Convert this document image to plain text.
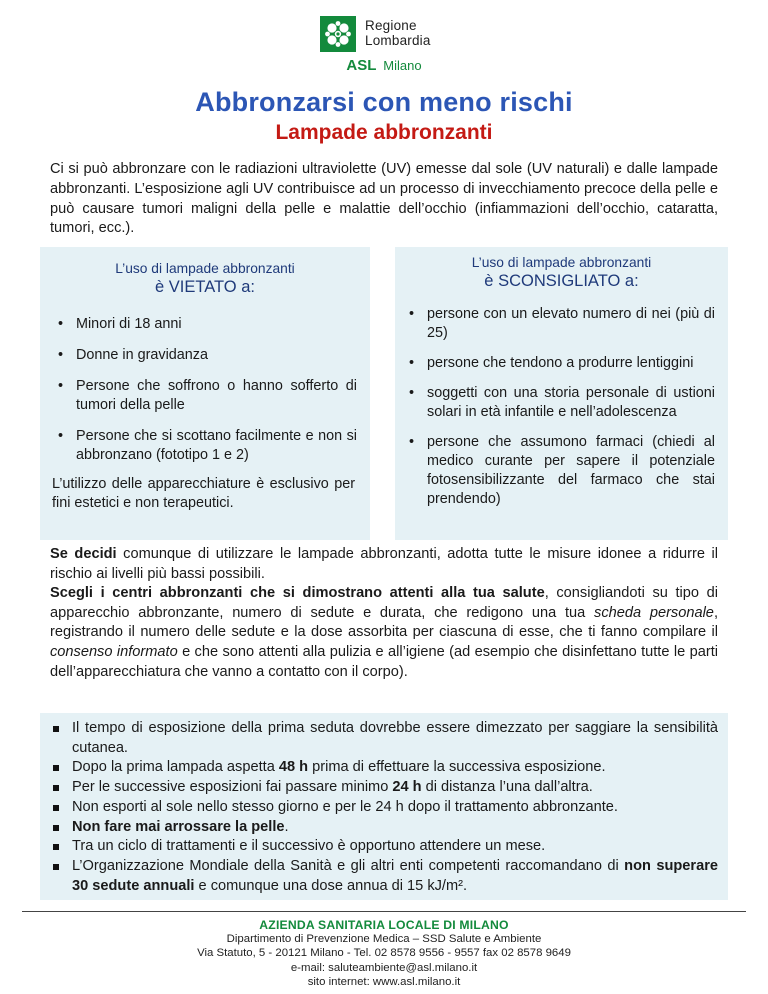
Regione
Lombardia
ASL Milano
Abbronzarsi con meno rischi
Lampade abbronzanti
Ci si può abbronzare con le radiazioni ultraviolette (UV) emesse dal sole (UV naturali) e dalle lampade abbronzanti. L’esposizione agli UV contribuisce ad un processo di invecchiamento precoce della pelle e può causare tumori maligni della pelle e malattie dell’occhio (infiammazioni dell’occhio, cataratta, tumori, ecc.).
L’uso di lampade abbronzanti
è VIETATO a:
• Minori di 18 anni
• Donne in gravidanza
• Persone che soffrono o hanno sofferto di tumori della pelle
• Persone che si scottano facilmente e non si abbronzano (fototipo 1 e 2)
L’utilizzo delle apparecchiature è esclusivo per fini estetici e non terapeutici.
L’uso di lampade abbronzanti
è SCONSIGLIATO a:
• persone con un elevato numero di nei (più di 25)
• persone che tendono a produrre lentiggini
• soggetti con una storia personale di ustioni solari in età infantile e nell’adolescenza
• persone che assumono farmaci (chiedi al medico curante per sapere il potenziale fotosensibilizzante del farmaco che stai prendendo)
Se decidi comunque di utilizzare le lampade abbronzanti, adotta tutte le misure idonee a ridurre il rischio ai livelli più bassi possibili.
Scegli i centri abbronzanti che si dimostrano attenti alla tua salute, consigliandoti su tipo di apparecchio abbronzante, numero di sedute e durata, che redigono una tua scheda personale, registrando il numero delle sedute e la dose assorbita per ciascuna di esse, che ti fanno compilare il consenso informato e che sono attenti alla pulizia e all’igiene (ad esempio che disinfettano tutte le parti dell’apparecchiatura che vanno a contatto con il corpo).
Il tempo di esposizione della prima seduta dovrebbe essere dimezzato per saggiare la sensibilità cutanea.
Dopo la prima lampada aspetta 48 h prima di effettuare la successiva esposizione.
Per le successive esposizioni fai passare minimo 24 h di distanza l’una dall’altra.
Non esporti al sole nello stesso giorno e per le 24 h dopo il trattamento abbronzante.
Non fare mai arrossare la pelle.
Tra un ciclo di trattamenti e il successivo è opportuno attendere un mese.
L’Organizzazione Mondiale della Sanità e gli altri enti competenti raccomandano di non superare 30 sedute annuali e comunque una dose annua di 15 kJ/m².
AZIENDA SANITARIA LOCALE DI MILANO
Dipartimento di Prevenzione Medica – SSD Salute e Ambiente
Via Statuto, 5 - 20121 Milano - Tel. 02 8578 9556 - 9557 fax 02 8578 9649
e-mail: saluteambiente@asl.milano.it
sito internet: www.asl.milano.it
